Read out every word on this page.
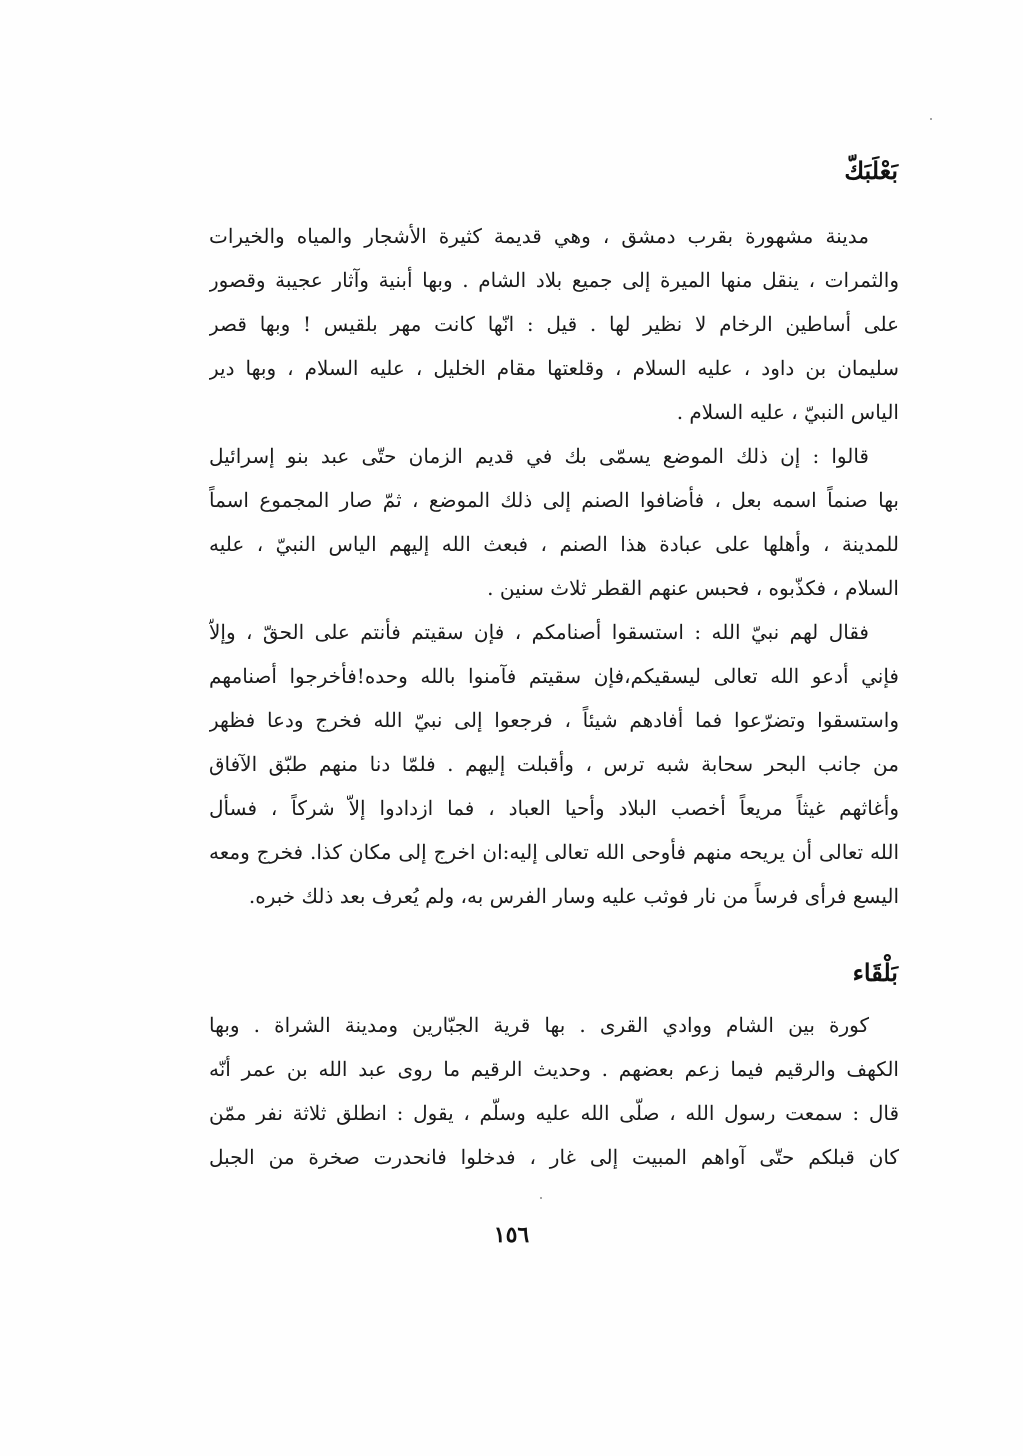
بَعْلَبَكّ
مدينة مشهورة بقرب دمشق ، وهي قديمة كثيرة الأشجار والمياه والخيرات
والثمرات ، ينقل منها الميرة إلى جميع بلاد الشام . وبها أبنية وآثار عجيبة وقصور
على أساطين الرخام لا نظير لها . قيل : انّها كانت مهر بلقيس ! وبها قصر
سليمان بن داود ، عليه السلام ، وقلعتها مقام الخليل ، عليه السلام ، وبها دير
الياس النبيّ ، عليه السلام .
قالوا : إن ذلك الموضع يسمّى بك في قديم الزمان حتّى عبد بنو إسرائيل
بها صنماً اسمه بعل ، فأضافوا الصنم إلى ذلك الموضع ، ثمّ صار المجموع اسماً
للمدينة ، وأهلها على عبادة هذا الصنم ، فبعث الله إليهم الياس النبيّ ، عليه
السلام ، فكذّبوه ، فحبس عنهم القطر ثلاث سنين .
فقال لهم نبيّ الله : استسقوا أصنامكم ، فإن سقيتم فأنتم على الحقّ ، وإلاّ
فإني أدعو الله تعالى ليسقيكم،فإن سقيتم فآمنوا بالله وحده!فأخرجوا أصنامهم
واستسقوا وتضرّعوا فما أفادهم شيئاً ، فرجعوا إلى نبيّ الله فخرج ودعا فظهر
من جانب البحر سحابة شبه ترس ، وأقبلت إليهم . فلمّا دنا منهم طبّق الآفاق
وأغاثهم غيثاً مريعاً أخصب البلاد وأحيا العباد ، فما ازدادوا إلاّ شركاً ، فسأل
الله تعالى أن يريحه منهم فأوحى الله تعالى إليه:ان اخرج إلى مكان كذا. فخرج ومعه
اليسع فرأى فرساً من نار فوثب عليه وسار الفرس به، ولم يُعرف بعد ذلك خبره.
بَلْقَاء
كورة بين الشام ووادي القرى . بها قرية الجبّارين ومدينة الشراة . وبها
الكهف والرقيم فيما زعم بعضهم . وحديث الرقيم ما روى عبد الله بن عمر أنّه
قال : سمعت رسول الله ، صلّى الله عليه وسلّم ، يقول : انطلق ثلاثة نفر ممّن
كان قبلكم حتّى آواهم المبيت إلى غار ، فدخلوا فانحدرت صخرة من الجبل
١٥٦
